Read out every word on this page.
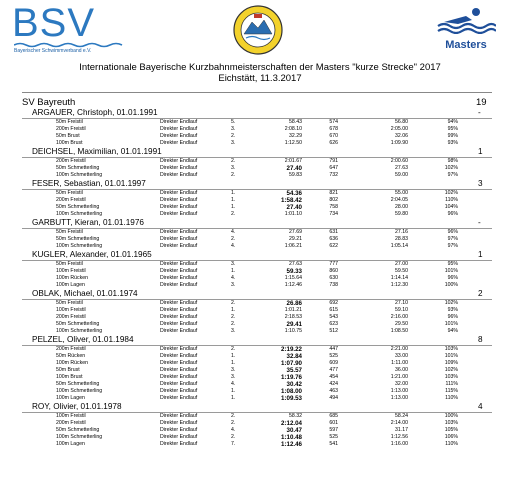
BSV
Bayerischer Schwimmverband e.V.	Masters
Internationale Bayerische Kurzbahnmeisterschaften der Masters "kurze Strecke" 2017
Eichstätt, 11.3.2017
SV Bayreuth	19
ARGAUER, Christoph, 01.01.1991	-
50m Freistil	Direkter Endlauf	5.	58.43	574	56.80	94%
200m Freistil	Direkter Endlauf	3.	2:08.10	678	2:05.00	95%
50m Brust	Direkter Endlauf	2.	32.29	670	32.06	99%
100m Brust	Direkter Endlauf	3.	1:12.50	626	1:09.90	93%
DEICHSEL, Maximilian, 01.01.1991	1
200m Freistil	Direkter Endlauf	2.	2:01.67	791	2:00.60	98%
50m Schmetterling	Direkter Endlauf	3.	27.40	647	27.63	102%
100m Schmetterling	Direkter Endlauf	2.	59.83	732	59.00	97%
FESER, Sebastian, 01.01.1997	3
50m Freistil	Direkter Endlauf	1.	54.36	821	55.00	102%
200m Freistil	Direkter Endlauf	1.	1:58.42	802	2:04.05	110%
50m Schmetterling	Direkter Endlauf	1.	27.40	758	28.00	104%
100m Schmetterling	Direkter Endlauf	2.	1:01.10	734	59.80	96%
GARBUTT, Kieran, 01.01.1976	-
50m Freistil	Direkter Endlauf	4.	27.69	631	27.16	96%
50m Schmetterling	Direkter Endlauf	2.	29.21	636	28.83	97%
100m Schmetterling	Direkter Endlauf	4.	1:06.21	622	1:05.14	97%
KUGLER, Alexander, 01.01.1965	1
50m Freistil	Direkter Endlauf	3.	27.63	777	27.00	95%
100m Freistil	Direkter Endlauf	1.	59.33	860	59.50	101%
100m Rücken	Direkter Endlauf	4.	1:15.64	630	1:14.14	96%
100m Lagen	Direkter Endlauf	3.	1:12.46	738	1:12.30	100%
OBLAK, Michael, 01.01.1974	2
50m Freistil	Direkter Endlauf	2.	26.86	692	27.10	102%
100m Freistil	Direkter Endlauf	1.	1:01.21	615	59.10	93%
200m Freistil	Direkter Endlauf	2.	2:18.53	543	2:16.00	96%
50m Schmetterling	Direkter Endlauf	2.	29.41	623	29.50	101%
100m Schmetterling	Direkter Endlauf	3.	1:10.75	512	1:08.50	94%
PELZEL, Oliver, 01.01.1984	8
200m Freistil	Direkter Endlauf	2.	2:19.22	447	2:21.00	103%
50m Rücken	Direkter Endlauf	1.	32.84	525	33.00	101%
100m Rücken	Direkter Endlauf	1.	1:07.90	609	1:11.00	109%
50m Brust	Direkter Endlauf	3.	35.57	477	36.00	102%
100m Brust	Direkter Endlauf	3.	1:19.76	454	1:21.00	103%
50m Schmetterling	Direkter Endlauf	4.	30.42	424	32.00	111%
100m Schmetterling	Direkter Endlauf	1.	1:08.00	463	1:13.00	115%
100m Lagen	Direkter Endlauf	1.	1:09.53	494	1:13.00	110%
ROY, Olivier, 01.01.1978	4
100m Freistil	Direkter Endlauf	2.	58.32	685	58.24	100%
200m Freistil	Direkter Endlauf	2.	2:12.04	601	2:14.00	103%
50m Schmetterling	Direkter Endlauf	4.	30.47	597	31.17	105%
100m Schmetterling	Direkter Endlauf	2.	1:10.48	525	1:12.56	106%
100m Lagen	Direkter Endlauf	7.	1:12.46	541	1:16.00	110%
